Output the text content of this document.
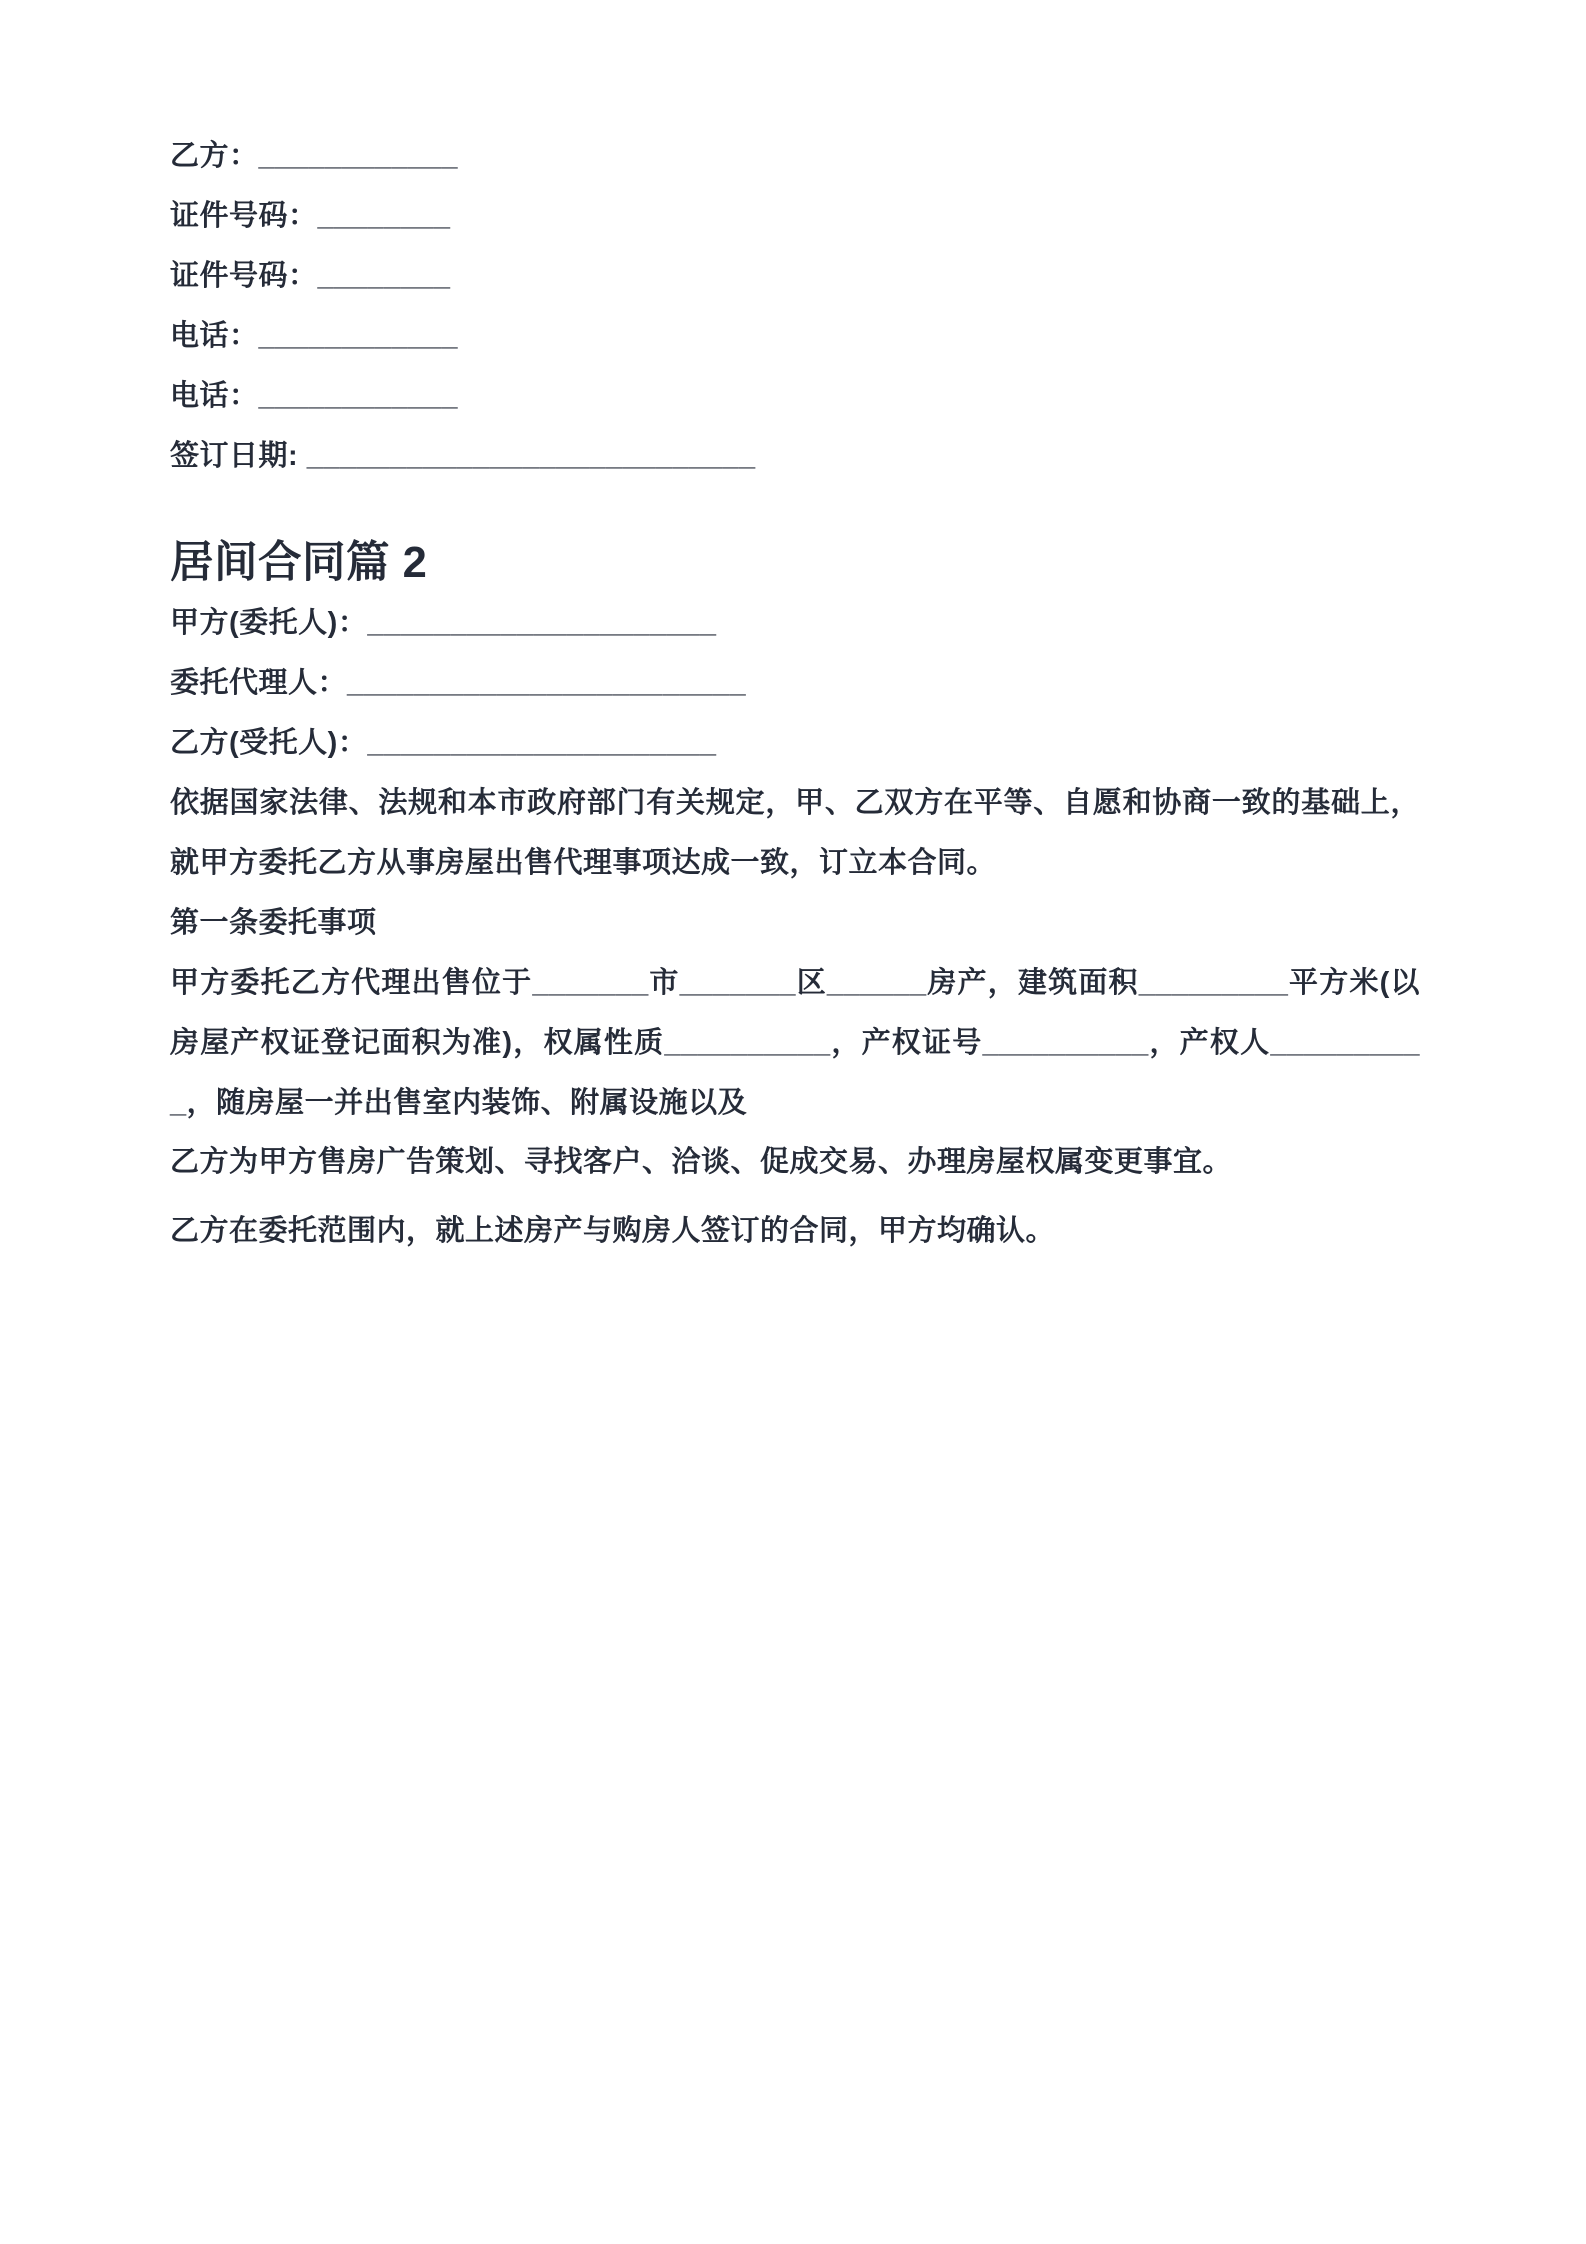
乙方：____________

证件号码：________

证件号码：________

电话：____________

电话：____________

签订日期: ___________________________

居间合同篇 2

甲方(委托人)：_____________________

委托代理人：________________________

乙方(受托人)：_____________________

依据国家法律、法规和本市政府部门有关规定，甲、乙双方在平等、自愿和协商一致的基础上，就甲方委托乙方从事房屋出售代理事项达成一致，订立本合同。

第一条委托事项

甲方委托乙方代理出售位于_______市_______区______房产，建筑面积_________平方米(以房屋产权证登记面积为准)，权属性质__________，产权证号__________，产权人__________，随房屋一并出售室内装饰、附属设施以及

乙方为甲方售房广告策划、寻找客户、洽谈、促成交易、办理房屋权属变更事宜。

乙方在委托范围内，就上述房产与购房人签订的合同，甲方均确认。
